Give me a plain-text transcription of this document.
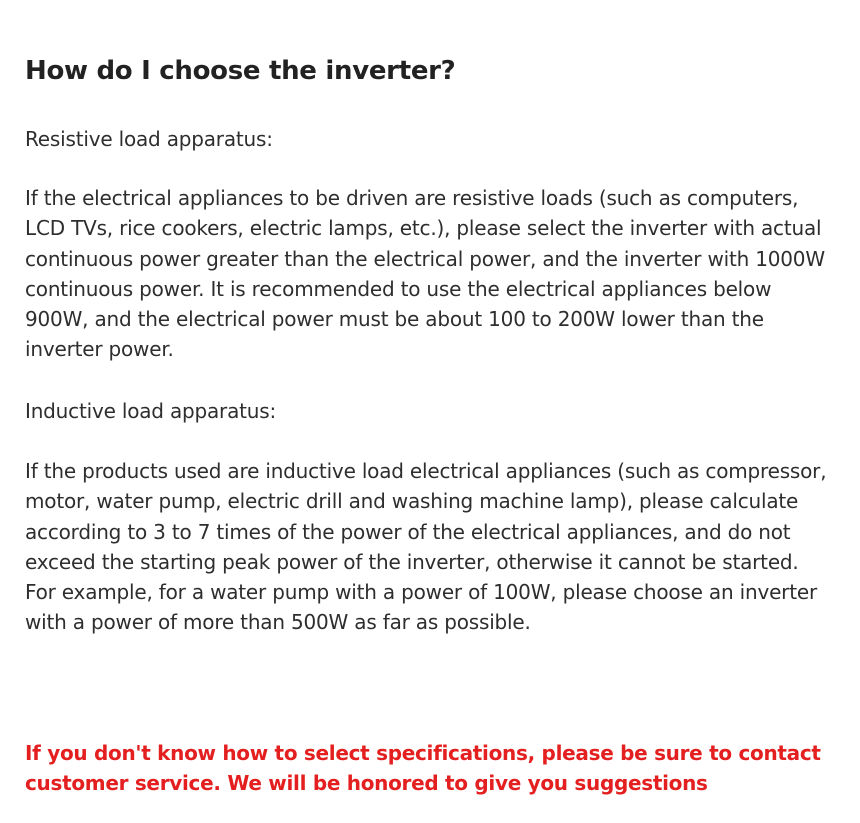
How do I choose the inverter?

Resistive load apparatus:

If the electrical appliances to be driven are resistive loads (such as computers, LCD TVs, rice cookers, electric lamps, etc.), please select the inverter with actual continuous power greater than the electrical power, and the inverter with 1000W continuous power. It is recommended to use the electrical appliances below 900W, and the electrical power must be about 100 to 200W lower than the inverter power.

Inductive load apparatus:

If the products used are inductive load electrical appliances (such as compressor, motor, water pump, electric drill and washing machine lamp), please calculate according to 3 to 7 times of the power of the electrical appliances, and do not exceed the starting peak power of the inverter, otherwise it cannot be started. For example, for a water pump with a power of 100W, please choose an inverter with a power of more than 500W as far as possible.

If you don't know how to select specifications, please be sure to contact customer service. We will be honored to give you suggestions
